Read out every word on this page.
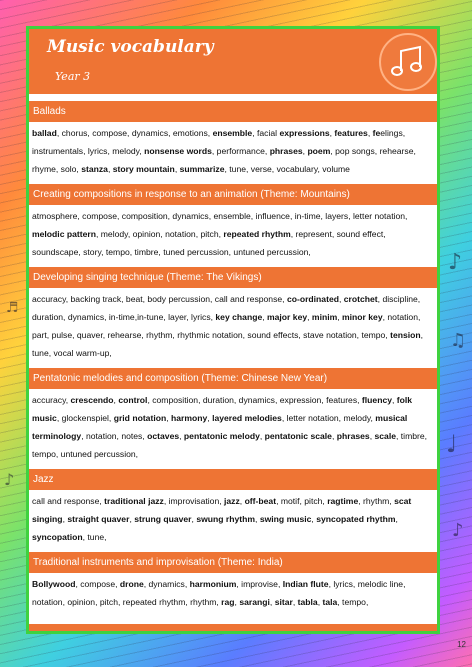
♪
♫
♩
♪
♬
♪
Music vocabulary
Year 3
Ballads
ballad, chorus, compose, dynamics, emotions, ensemble, facial expressions, features, feelings, instrumentals, lyrics, melody, nonsense words, performance, phrases, poem, pop songs, rehearse, rhyme, solo, stanza, story mountain, summarize, tune, verse, vocabulary, volume
Creating compositions in response to an animation (Theme: Mountains)
atmosphere, compose, composition, dynamics, ensemble, influence, in-time, layers, letter notation, melodic pattern, melody, opinion, notation, pitch, repeated rhythm, represent, sound effect, soundscape, story, tempo, timbre, tuned percussion, untuned percussion,
Developing singing technique (Theme: The Vikings)
accuracy, backing track, beat, body percussion, call and response, co-ordinated, crotchet, discipline, duration, dynamics, in-time,in-tune, layer, lyrics, key change, major key, minim, minor key, notation, part, pulse, quaver, rehearse, rhythm, rhythmic notation, sound effects, stave notation, tempo, tension, tune, vocal warm-up,
Pentatonic melodies and composition (Theme: Chinese New Year)
accuracy, crescendo, control, composition, duration, dynamics, expression, features, fluency, folk music, glockenspiel, grid notation, harmony, layered melodies, letter notation, melody, musical terminology, notation, notes, octaves, pentatonic melody, pentatonic scale, phrases, scale, timbre, tempo, untuned percussion,
Jazz
call and response, traditional jazz, improvisation, jazz, off-beat, motif, pitch, ragtime, rhythm, scat singing, straight quaver, strung quaver, swung rhythm, swing music, syncopated rhythm, syncopation, tune,
Traditional instruments and improvisation (Theme: India)
Bollywood, compose, drone, dynamics, harmonium, improvise, Indian flute, lyrics, melodic line, notation, opinion, pitch, repeated rhythm, rhythm, rag, sarangi, sitar, tabla, tala, tempo,
12
